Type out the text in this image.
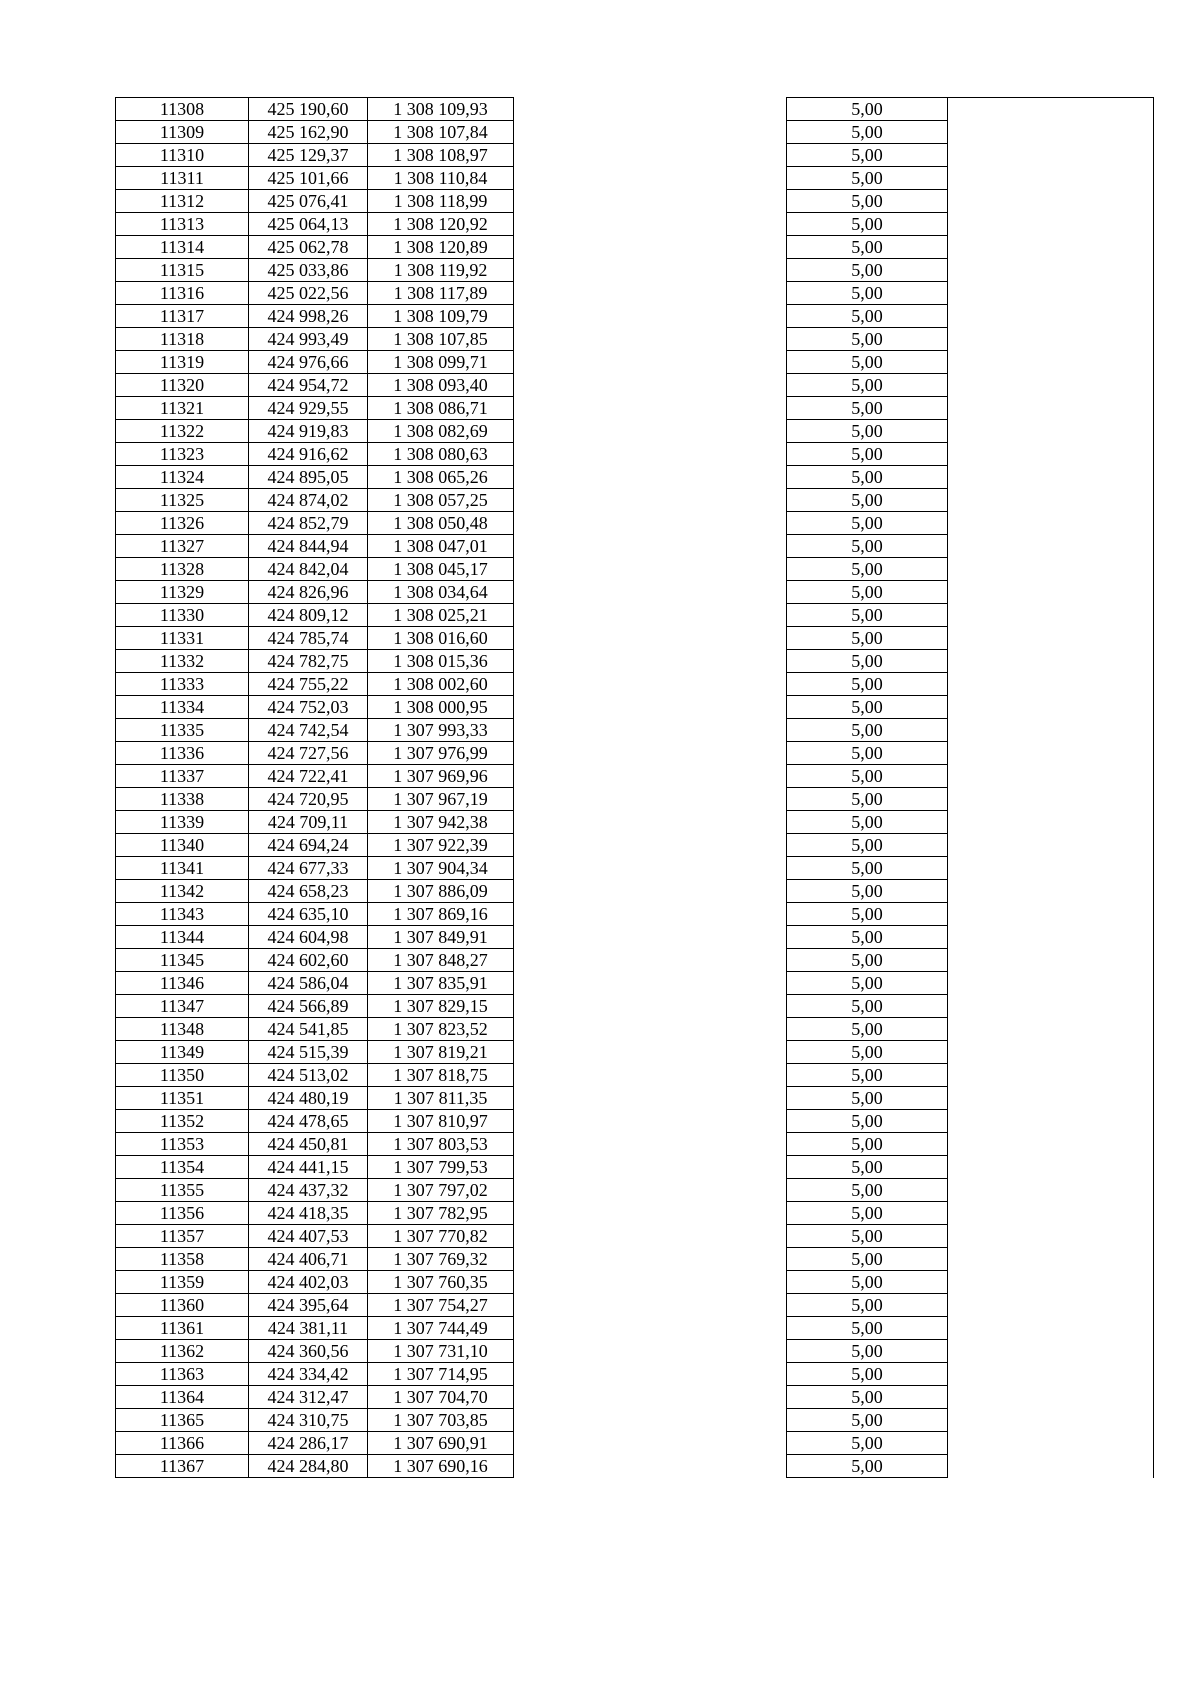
11308	425 190,60	1 308 109,93		5,00	
11309	425 162,90	1 308 107,84		5,00	
11310	425 129,37	1 308 108,97		5,00	
11311	425 101,66	1 308 110,84		5,00	
11312	425 076,41	1 308 118,99		5,00	
11313	425 064,13	1 308 120,92		5,00	
11314	425 062,78	1 308 120,89		5,00	
11315	425 033,86	1 308 119,92		5,00	
11316	425 022,56	1 308 117,89		5,00	
11317	424 998,26	1 308 109,79		5,00	
11318	424 993,49	1 308 107,85		5,00	
11319	424 976,66	1 308 099,71		5,00	
11320	424 954,72	1 308 093,40		5,00	
11321	424 929,55	1 308 086,71		5,00	
11322	424 919,83	1 308 082,69		5,00	
11323	424 916,62	1 308 080,63		5,00	
11324	424 895,05	1 308 065,26		5,00	
11325	424 874,02	1 308 057,25		5,00	
11326	424 852,79	1 308 050,48		5,00	
11327	424 844,94	1 308 047,01		5,00	
11328	424 842,04	1 308 045,17		5,00	
11329	424 826,96	1 308 034,64		5,00	
11330	424 809,12	1 308 025,21		5,00	
11331	424 785,74	1 308 016,60		5,00	
11332	424 782,75	1 308 015,36		5,00	
11333	424 755,22	1 308 002,60		5,00	
11334	424 752,03	1 308 000,95		5,00	
11335	424 742,54	1 307 993,33		5,00	
11336	424 727,56	1 307 976,99		5,00	
11337	424 722,41	1 307 969,96		5,00	
11338	424 720,95	1 307 967,19		5,00	
11339	424 709,11	1 307 942,38		5,00	
11340	424 694,24	1 307 922,39		5,00	
11341	424 677,33	1 307 904,34		5,00	
11342	424 658,23	1 307 886,09		5,00	
11343	424 635,10	1 307 869,16		5,00	
11344	424 604,98	1 307 849,91		5,00	
11345	424 602,60	1 307 848,27		5,00	
11346	424 586,04	1 307 835,91		5,00	
11347	424 566,89	1 307 829,15		5,00	
11348	424 541,85	1 307 823,52		5,00	
11349	424 515,39	1 307 819,21		5,00	
11350	424 513,02	1 307 818,75		5,00	
11351	424 480,19	1 307 811,35		5,00	
11352	424 478,65	1 307 810,97		5,00	
11353	424 450,81	1 307 803,53		5,00	
11354	424 441,15	1 307 799,53		5,00	
11355	424 437,32	1 307 797,02		5,00	
11356	424 418,35	1 307 782,95		5,00	
11357	424 407,53	1 307 770,82		5,00	
11358	424 406,71	1 307 769,32		5,00	
11359	424 402,03	1 307 760,35		5,00	
11360	424 395,64	1 307 754,27		5,00	
11361	424 381,11	1 307 744,49		5,00	
11362	424 360,56	1 307 731,10		5,00	
11363	424 334,42	1 307 714,95		5,00	
11364	424 312,47	1 307 704,70		5,00	
11365	424 310,75	1 307 703,85		5,00	
11366	424 286,17	1 307 690,91		5,00	
11367	424 284,80	1 307 690,16		5,00	
